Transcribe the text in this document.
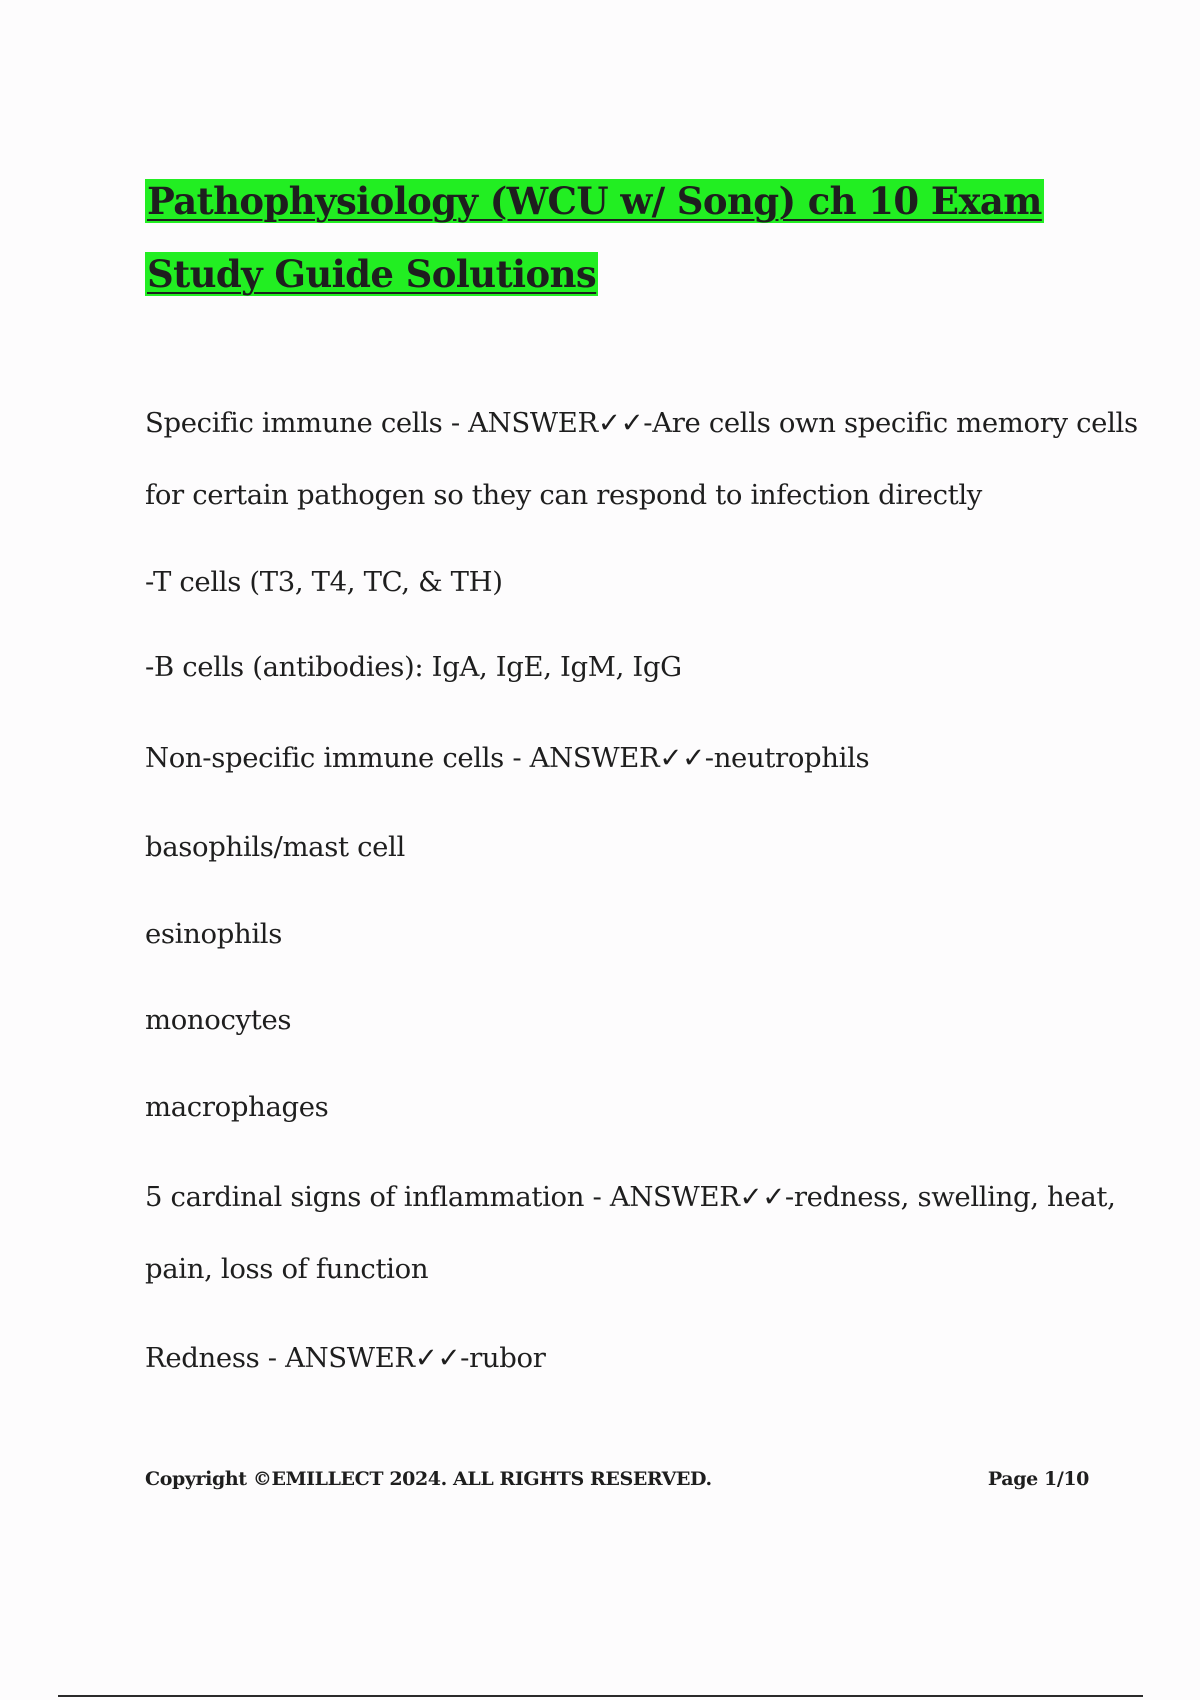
Pathophysiology (WCU w/ Song) ch 10 Exam Study Guide Solutions

Specific immune cells - ANSWER✓✓-Are cells own specific memory cells

for certain pathogen so they can respond to infection directly

-T cells (T3, T4, TC, & TH)

-B cells (antibodies): IgA, IgE, IgM, IgG

Non-specific immune cells - ANSWER✓✓-neutrophils

basophils/mast cell

esinophils

monocytes

macrophages

5 cardinal signs of inflammation - ANSWER✓✓-redness, swelling, heat,

pain, loss of function

Redness - ANSWER✓✓-rubor

Copyright ©EMILLECT 2024. ALL RIGHTS RESERVED.	Page 1/10
